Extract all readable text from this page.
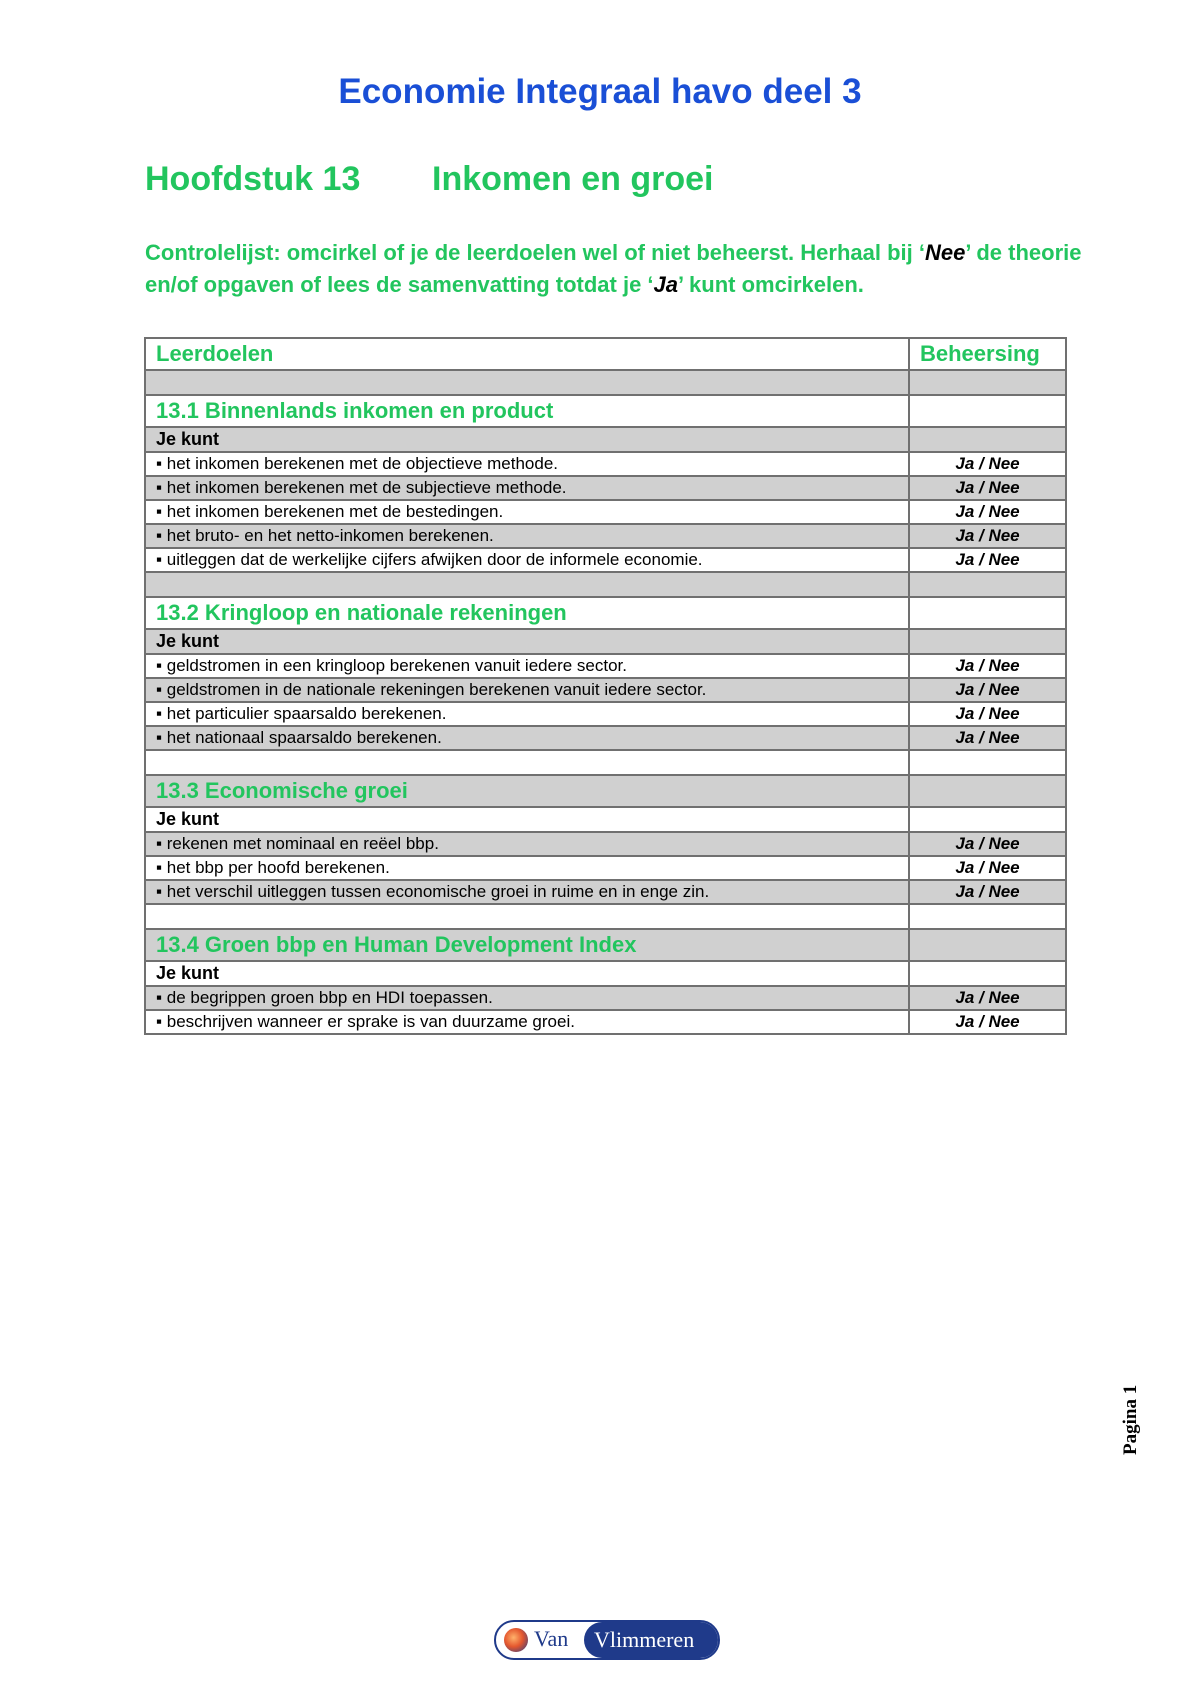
Economie Integraal havo deel 3
Hoofdstuk 13 Inkomen en groei
Controlelijst: omcirkel of je de leerdoelen wel of niet beheerst. Herhaal bij ‘Nee’ de theorie en/of opgaven of lees de samenvatting totdat je ‘Ja’ kunt omcirkelen.
Leerdoelen	Beheersing

13.1 Binnenlands inkomen en product	
Je kunt	
▪ het inkomen berekenen met de objectieve methode.	Ja / Nee
▪ het inkomen berekenen met de subjectieve methode.	Ja / Nee
▪ het inkomen berekenen met de bestedingen.	Ja / Nee
▪ het bruto- en het netto-inkomen berekenen.	Ja / Nee
▪ uitleggen dat de werkelijke cijfers afwijken door de informele economie.	Ja / Nee

13.2 Kringloop en nationale rekeningen	
Je kunt	
▪ geldstromen in een kringloop berekenen vanuit iedere sector.	Ja / Nee
▪ geldstromen in de nationale rekeningen berekenen vanuit iedere sector.	Ja / Nee
▪ het particulier spaarsaldo berekenen.	Ja / Nee
▪ het nationaal spaarsaldo berekenen.	Ja / Nee

13.3 Economische groei	
Je kunt	
▪ rekenen met nominaal en reëel bbp.	Ja / Nee
▪ het bbp per hoofd berekenen.	Ja / Nee
▪ het verschil uitleggen tussen economische groei in ruime en in enge zin.	Ja / Nee

13.4 Groen bbp en Human Development Index	
Je kunt	
▪ de begrippen groen bbp en HDI toepassen.	Ja / Nee
▪ beschrijven wanneer er sprake is van duurzame groei.	Ja / Nee
Pagina 1
Van	Vlimmeren
